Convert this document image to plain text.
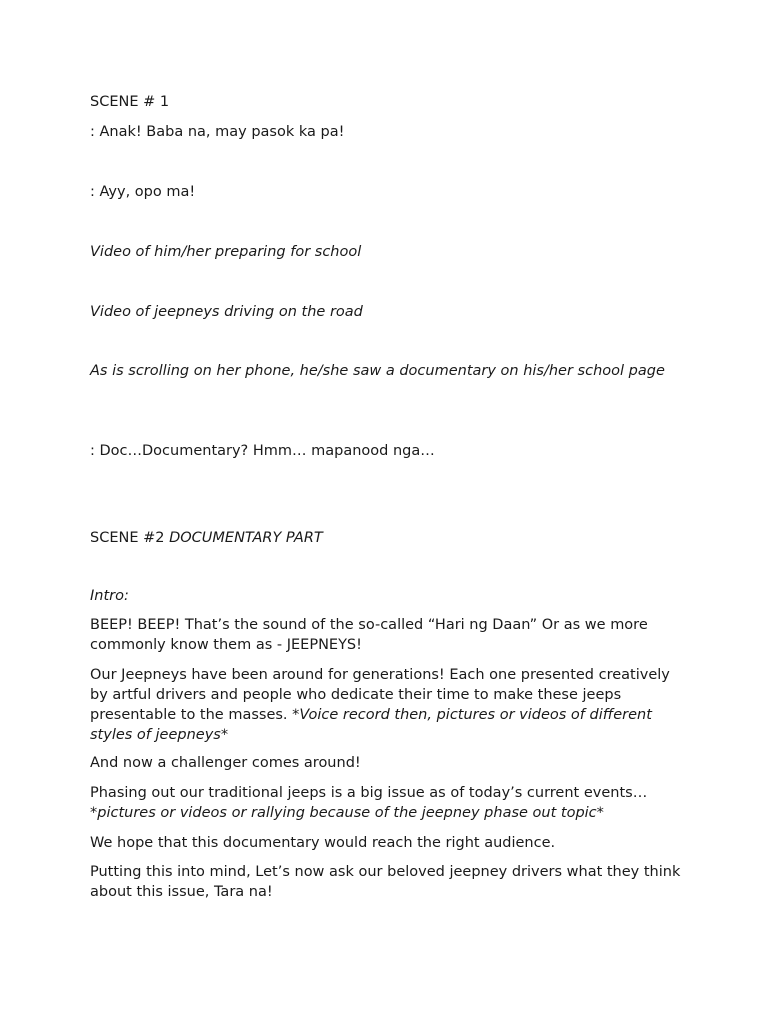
SCENE # 1

: Anak! Baba na, may pasok ka pa!

: Ayy, opo ma!

Video of him/her preparing for school

Video of jeepneys driving on the road

As is scrolling on her phone, he/she saw a documentary on his/her school page

: Doc…Documentary? Hmm… mapanood nga…

SCENE #2 DOCUMENTARY PART

Intro:

BEEP! BEEP! That’s the sound of the so-called “Hari ng Daan” Or as we more commonly know them as - JEEPNEYS!

Our Jeepneys have been around for generations! Each one presented creatively by artful drivers and people who dedicate their time to make these jeeps presentable to the masses. *Voice record then, pictures or videos of different styles of jeepneys*

And now a challenger comes around!

Phasing out our traditional jeeps is a big issue as of today’s current events… *pictures or videos or rallying because of the jeepney phase out topic*

We hope that this documentary would reach the right audience.

Putting this into mind, Let’s now ask our beloved jeepney drivers what they think about this issue, Tara na!
